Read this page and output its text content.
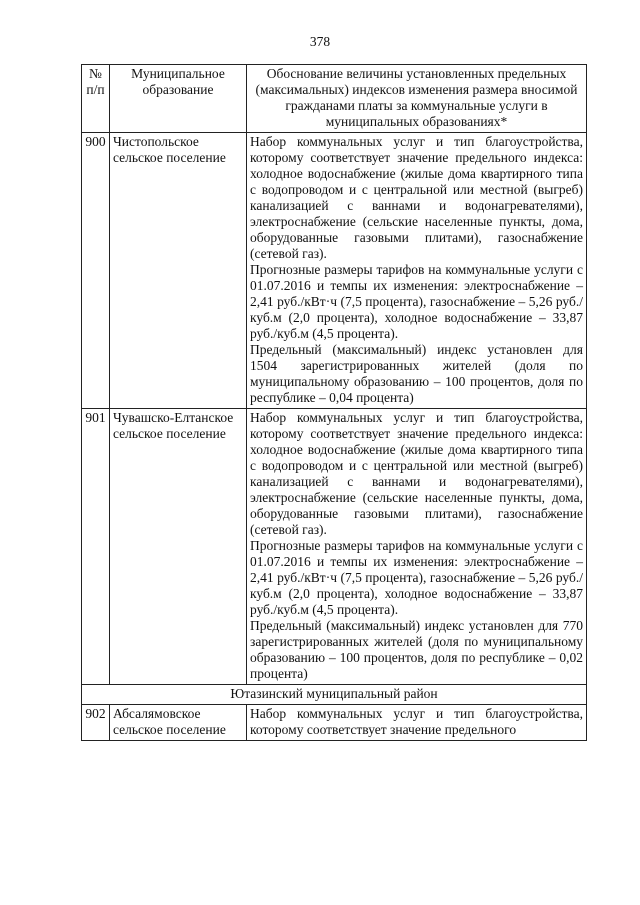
378
№ п/п	Муниципальное образование	Обоснование величины установленных предельных (максимальных) индексов изменения размера вносимой гражданами платы за коммунальные услуги в муниципальных образованиях*
900	Чистопольское сельское поселение	Набор коммунальных услуг и тип благоустройства, которому соответствует значение предельного индекса: холодное водоснабжение (жилые дома квартирного типа с водопроводом и с центральной или местной (выгреб) канализацией с ваннами и водонагревателями), электроснабжение (сельские населенные пункты, дома, оборудованные газовыми плитами), газоснабжение (сетевой газ).

Прогнозные размеры тарифов на коммунальные услуги с 01.07.2016 и темпы их изменения: электроснабжение – 2,41 руб./кВт·ч (7,5 процента), газоснабжение – 5,26 руб./куб.м (2,0 процента), холодное водоснабжение – 33,87 руб./куб.м (4,5 процента).

Предельный (максимальный) индекс установлен для 1504 зарегистрированных жителей (доля по муниципальному образованию – 100 процентов, доля по республике – 0,04 процента)

901	Чувашско-Елтанское сельское поселение	Набор коммунальных услуг и тип благоустройства, которому соответствует значение предельного индекса: холодное водоснабжение (жилые дома квартирного типа с водопроводом и с центральной или местной (выгреб) канализацией с ваннами и водонагревателями), электроснабжение (сельские населенные пункты, дома, оборудованные газовыми плитами), газоснабжение (сетевой газ).

Прогнозные размеры тарифов на коммунальные услуги с 01.07.2016 и темпы их изменения: электроснабжение – 2,41 руб./кВт·ч (7,5 процента), газоснабжение – 5,26 руб./куб.м (2,0 процента), холодное водоснабжение – 33,87 руб./куб.м (4,5 процента).

Предельный (максимальный) индекс установлен для 770 зарегистрированных жителей (доля по муниципальному образованию – 100 процентов, доля по республике – 0,02 процента)

Ютазинский муниципальный район		

902	Абсалямовское сельское поселение	Набор коммунальных услуг и тип благоустройства, которому соответствует значение предельного
